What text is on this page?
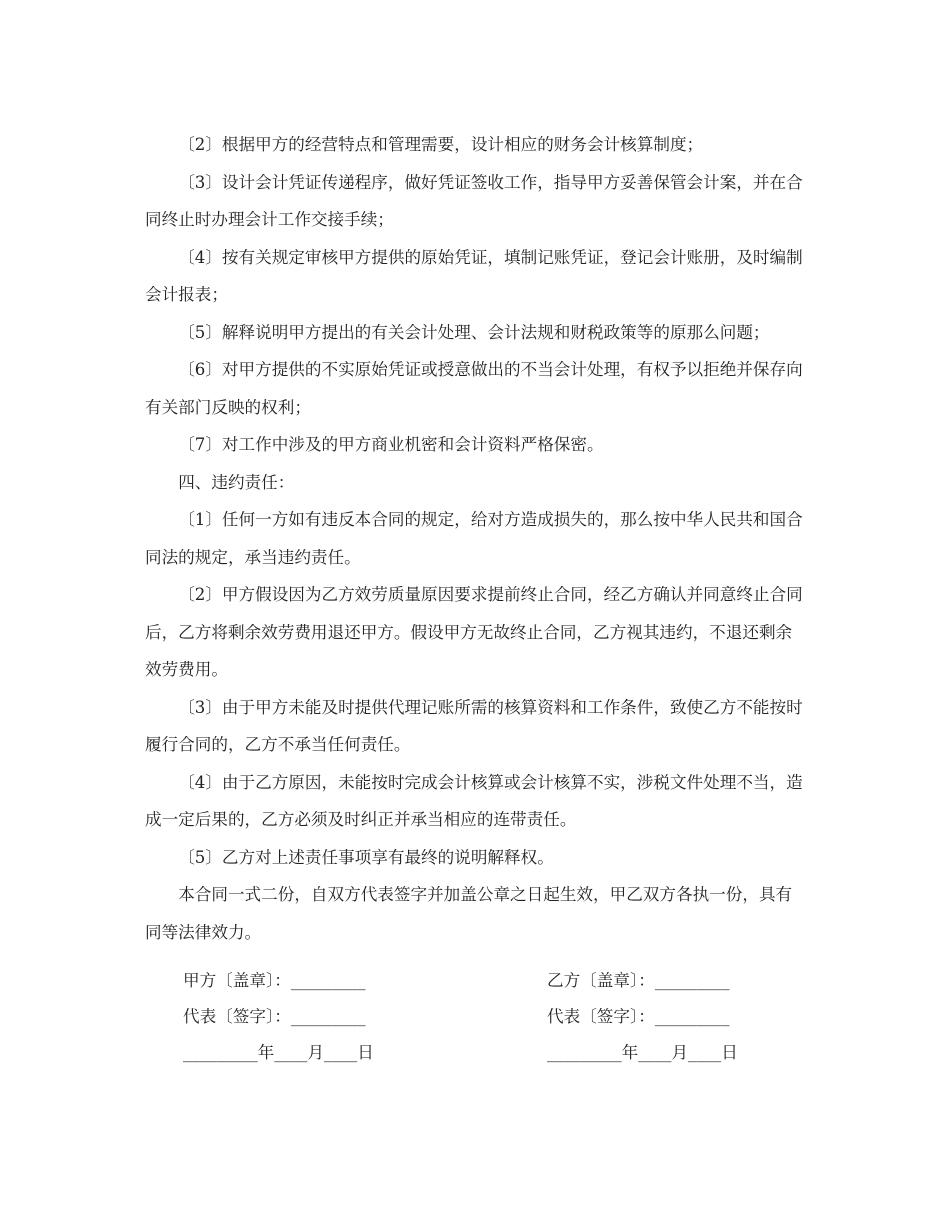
〔2〕根据甲方的经营特点和管理需要，设计相应的财务会计核算制度；

〔3〕设计会计凭证传递程序，做好凭证签收工作，指导甲方妥善保管会计案，并在合同终止时办理会计工作交接手续；

〔4〕按有关规定审核甲方提供的原始凭证，填制记账凭证，登记会计账册，及时编制会计报表；

〔5〕解释说明甲方提出的有关会计处理、会计法规和财税政策等的原那么问题；

〔6〕对甲方提供的不实原始凭证或授意做出的不当会计处理，有权予以拒绝并保存向有关部门反映的权利；

〔7〕对工作中涉及的甲方商业机密和会计资料严格保密。

四、违约责任：

〔1〕任何一方如有违反本合同的规定，给对方造成损失的，那么按中华人民共和国合同法的规定，承当违约责任。

〔2〕甲方假设因为乙方效劳质量原因要求提前终止合同，经乙方确认并同意终止合同后，乙方将剩余效劳费用退还甲方。假设甲方无故终止合同，乙方视其违约，不退还剩余效劳费用。

〔3〕由于甲方未能及时提供代理记账所需的核算资料和工作条件，致使乙方不能按时履行合同的，乙方不承当任何责任。

〔4〕由于乙方原因，未能按时完成会计核算或会计核算不实，涉税文件处理不当，造成一定后果的，乙方必须及时纠正并承当相应的连带责任。

〔5〕乙方对上述责任事项享有最终的说明解释权。

本合同一式二份，自双方代表签字并加盖公章之日起生效，甲乙双方各执一份，具有同等法律效力。

甲方〔盖章〕：_________	乙方〔盖章〕：_________
代表〔签字〕：_________	代表〔签字〕：_________
_________年____月____日	_________年____月____日
